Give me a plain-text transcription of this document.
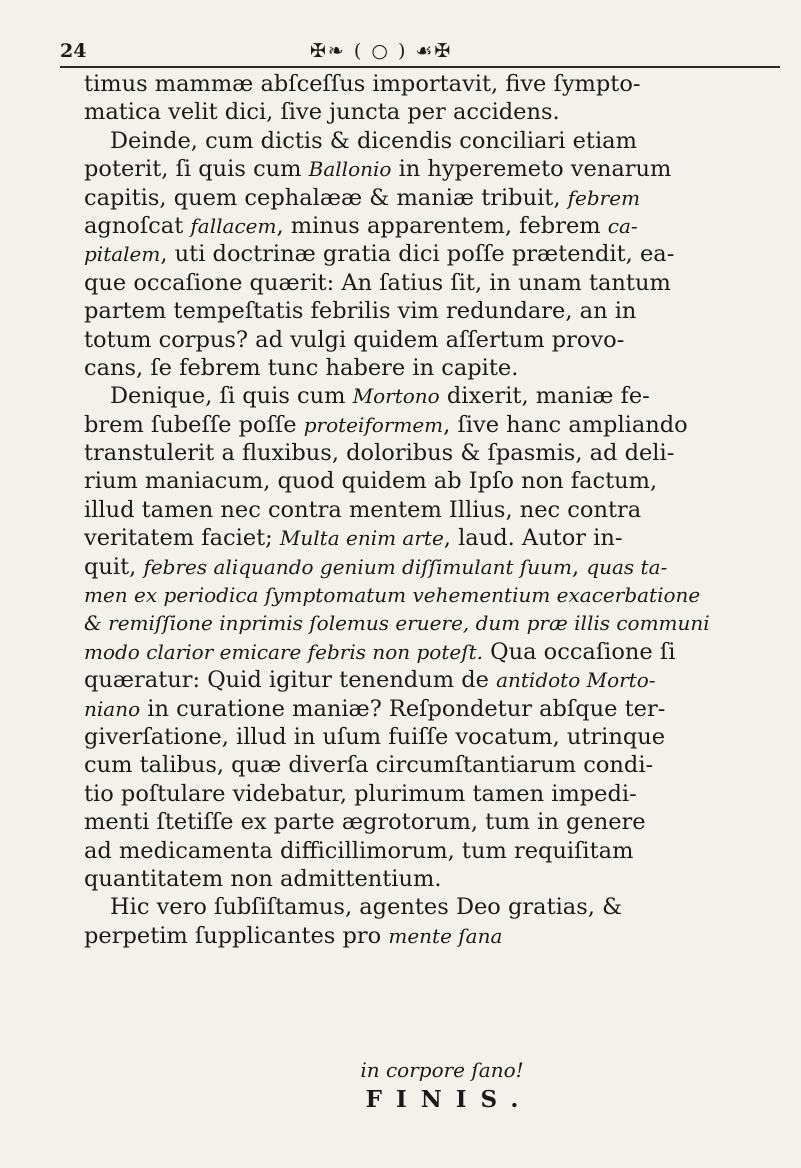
24	✠❧ ( ○ ) ☙✠
timus mammæ abſceſſus importavit, five ſympto-
matica velit dici, ſive juncta per accidens.
Deinde, cum dictis & dicendis conciliari etiam
poterit, ſi quis cum Ballonio in hyperemeto venarum
capitis, quem cephalææ & maniæ tribuit, febrem
agnoſcat fallacem, minus apparentem, febrem ca-
pitalem, uti doctrinæ gratia dici poſſe prætendit, ea-
que occaſione quærit: An ſatius ſit, in unam tantum
partem tempeſtatis febrilis vim redundare, an in
totum corpus? ad vulgi quidem aſſertum provo-
cans, ſe febrem tunc habere in capite.
Denique, ſi quis cum Mortono dixerit, maniæ fe-
brem ſubeſſe poſſe proteiformem, ſive hanc ampliando
transtulerit a fluxibus, doloribus & ſpasmis, ad deli-
rium maniacum, quod quidem ab Ipſo non factum,
illud tamen nec contra mentem Illius, nec contra
veritatem faciet; Multa enim arte, laud. Autor in-
quit, febres aliquando genium diſſimulant ſuum, quas ta-
men ex periodica ſymptomatum vehementium exacerbatione
& remiſſione inprimis ſolemus eruere, dum præ illis communi
modo clarior emicare febris non poteſt. Qua occaſione ſi
quæratur: Quid igitur tenendum de antidoto Morto-
niano in curatione maniæ? Reſpondetur abſque ter-
giverſatione, illud in uſum fuiſſe vocatum, utrinque
cum talibus, quæ diverſa circumſtantiarum condi-
tio poſtulare videbatur, plurimum tamen impedi-
menti ſtetiſſe ex parte ægrotorum, tum in genere
ad medicamenta difficillimorum, tum requiſitam
quantitatem non admittentium.
Hic vero ſubſiſtamus, agentes Deo gratias, &
perpetim ſupplicantes pro mente ſana
in corpore ſano!
FINIS.
